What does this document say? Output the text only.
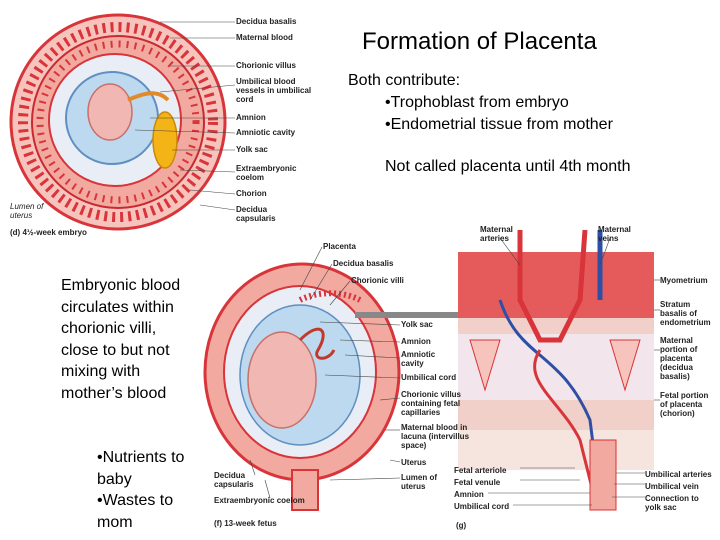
Decidua basalis
Maternal blood
Chorionic villus
Umbilical blood vessels in umbilical cord
Amnion
Amniotic cavity
Yolk sac
Extraembryonic coelom
Chorion
Decidua capsularis
Lumen of uterus
(d) 4½-week embryo
Placenta
Decidua basalis
Chorionic villi
Yolk sac
Amnion
Amniotic cavity
Umbilical cord
Chorionic villus containing fetal capillaries
Maternal blood in lacuna (intervillus space)
Uterus
Lumen of uterus
Decidua capsularis
Extraembryonic coelom
(f) 13-week fetus
Maternal arteries
Maternal veins
Myometrium
Stratum basalis of endometrium
Maternal portion of placenta (decidua basalis)
Fetal portion of placenta (chorion)
Umbilical arteries
Umbilical vein
Connection to yolk sac
Fetal arteriole
Fetal venule
Amnion
Umbilical cord
(g)
Formation of Placenta
Both contribute:
•Trophoblast from embryo
•Endometrial tissue from mother
Not called placenta until 4th month
Embryonic blood circulates within chorionic villi, close to but not mixing with mother’s blood
•Nutrients to baby
•Wastes to mom
